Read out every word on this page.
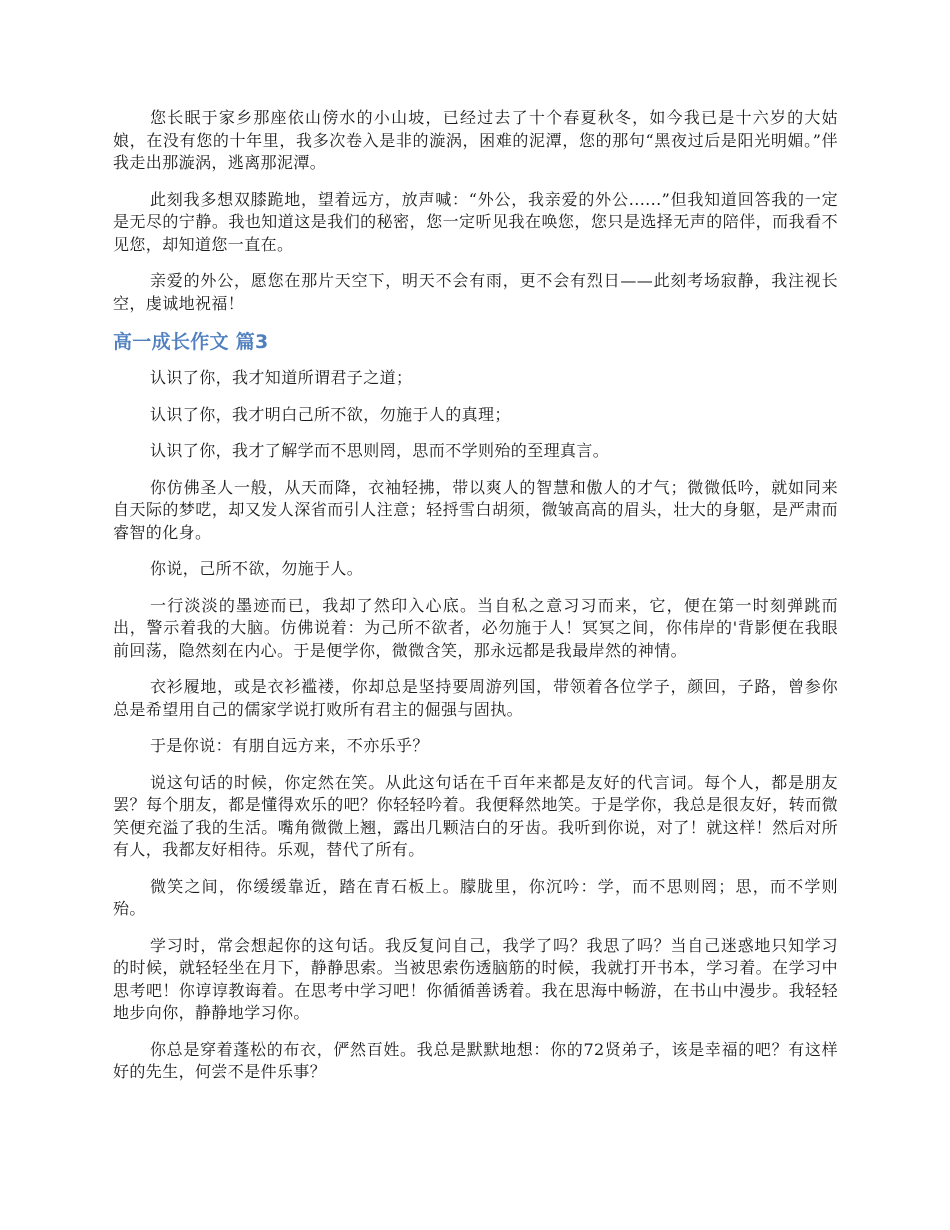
您长眠于家乡那座依山傍水的小山坡，已经过去了十个春夏秋冬，如今我已是十六岁的大姑娘，在没有您的十年里，我多次卷入是非的漩涡，困难的泥潭，您的那句“黑夜过后是阳光明媚。”伴我走出那漩涡，逃离那泥潭。

此刻我多想双膝跪地，望着远方，放声喊：“外公，我亲爱的外公......”但我知道回答我的一定是无尽的宁静。我也知道这是我们的秘密，您一定听见我在唤您，您只是选择无声的陪伴，而我看不见您，却知道您一直在。

亲爱的外公，愿您在那片天空下，明天不会有雨，更不会有烈日——此刻考场寂静，我注视长空，虔诚地祝福！

高一成长作文 篇3

认识了你，我才知道所谓君子之道；

认识了你，我才明白己所不欲，勿施于人的真理；

认识了你，我才了解学而不思则罔，思而不学则殆的至理真言。

你仿佛圣人一般，从天而降，衣袖轻拂，带以爽人的智慧和傲人的才气；微微低吟，就如同来自天际的梦呓，却又发人深省而引人注意；轻捋雪白胡须，微皱高高的眉头，壮大的身躯，是严肃而睿智的化身。

你说，己所不欲，勿施于人。

一行淡淡的墨迹而已，我却了然印入心底。当自私之意习习而来，它，便在第一时刻弹跳而出，警示着我的大脑。仿佛说着：为己所不欲者，必勿施于人！冥冥之间，你伟岸的'背影便在我眼前回荡，隐然刻在内心。于是便学你，微微含笑，那永远都是我最岸然的神情。

衣衫履地，或是衣衫褴褛，你却总是坚持要周游列国，带领着各位学子，颜回，子路，曾参你总是希望用自己的儒家学说打败所有君主的倔强与固执。

于是你说：有朋自远方来，不亦乐乎？

说这句话的时候，你定然在笑。从此这句话在千百年来都是友好的代言词。每个人，都是朋友罢？每个朋友，都是懂得欢乐的吧？你轻轻吟着。我便释然地笑。于是学你，我总是很友好，转而微笑便充溢了我的生活。嘴角微微上翘，露出几颗洁白的牙齿。我听到你说，对了！就这样！然后对所有人，我都友好相待。乐观，替代了所有。

微笑之间，你缓缓靠近，踏在青石板上。朦胧里，你沉吟：学，而不思则罔；思，而不学则殆。

学习时，常会想起你的这句话。我反复问自己，我学了吗？我思了吗？当自己迷惑地只知学习的时候，就轻轻坐在月下，静静思索。当被思索伤透脑筋的时候，我就打开书本，学习着。在学习中思考吧！你谆谆教诲着。在思考中学习吧！你循循善诱着。我在思海中畅游，在书山中漫步。我轻轻地步向你，静静地学习你。

你总是穿着蓬松的布衣，俨然百姓。我总是默默地想：你的72贤弟子，该是幸福的吧？有这样好的先生，何尝不是件乐事？
